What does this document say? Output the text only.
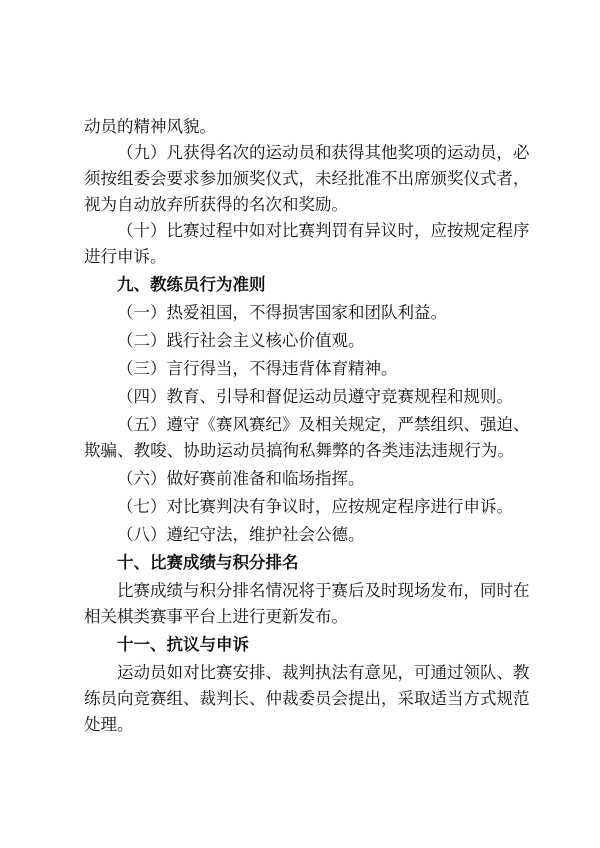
动员的精神风貌。
（九）凡获得名次的运动员和获得其他奖项的运动员，必
须按组委会要求参加颁奖仪式，未经批准不出席颁奖仪式者，
视为自动放弃所获得的名次和奖励。
（十）比赛过程中如对比赛判罚有异议时，应按规定程序
进行申诉。
九、教练员行为准则
（一）热爱祖国，不得损害国家和团队利益。
（二）践行社会主义核心价值观。
（三）言行得当，不得违背体育精神。
（四）教育、引导和督促运动员遵守竞赛规程和规则。
（五）遵守《赛风赛纪》及相关规定，严禁组织、强迫、
欺骗、教唆、协助运动员搞徇私舞弊的各类违法违规行为。
（六）做好赛前准备和临场指挥。
（七）对比赛判决有争议时，应按规定程序进行申诉。
（八）遵纪守法，维护社会公德。
十、比赛成绩与积分排名
比赛成绩与积分排名情况将于赛后及时现场发布，同时在
相关棋类赛事平台上进行更新发布。
十一、抗议与申诉
运动员如对比赛安排、裁判执法有意见，可通过领队、教
练员向竞赛组、裁判长、仲裁委员会提出，采取适当方式规范
处理。
